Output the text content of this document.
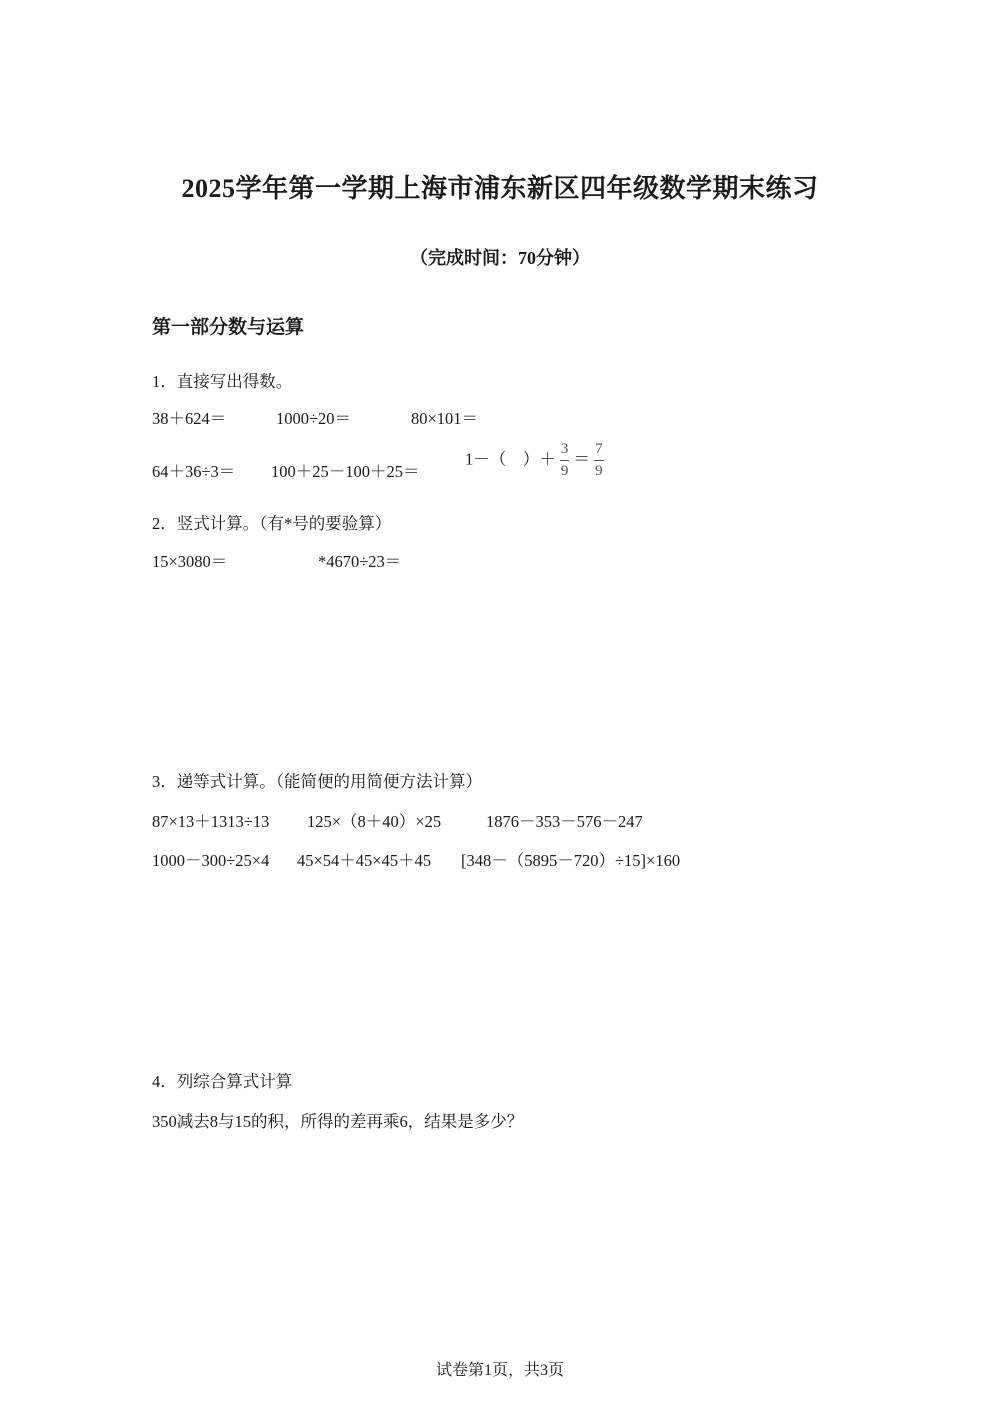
2025学年第一学期上海市浦东新区四年级数学期末练习
（完成时间：70分钟）
第一部分数与运算
1．直接写出得数。
38＋624＝	1000÷20＝	80×101＝
64＋36÷3＝ 100＋25－100＋25＝
1－（　）＋ $\frac{3}{9} = \frac{7}{9}$
2．竖式计算。（有*号的要验算）
15×3080＝	*4670÷23＝
3．递等式计算。（能简便的用简便方法计算）
87×13＋1313÷13 125×（8＋40）×25	1876－353－576－247
1000－300÷25×4 45×54＋45×45＋45 [348－（5895－720）÷15]×160
4．列综合算式计算
350减去8与15的积，所得的差再乘6，结果是多少？
试卷第1页，共3页
